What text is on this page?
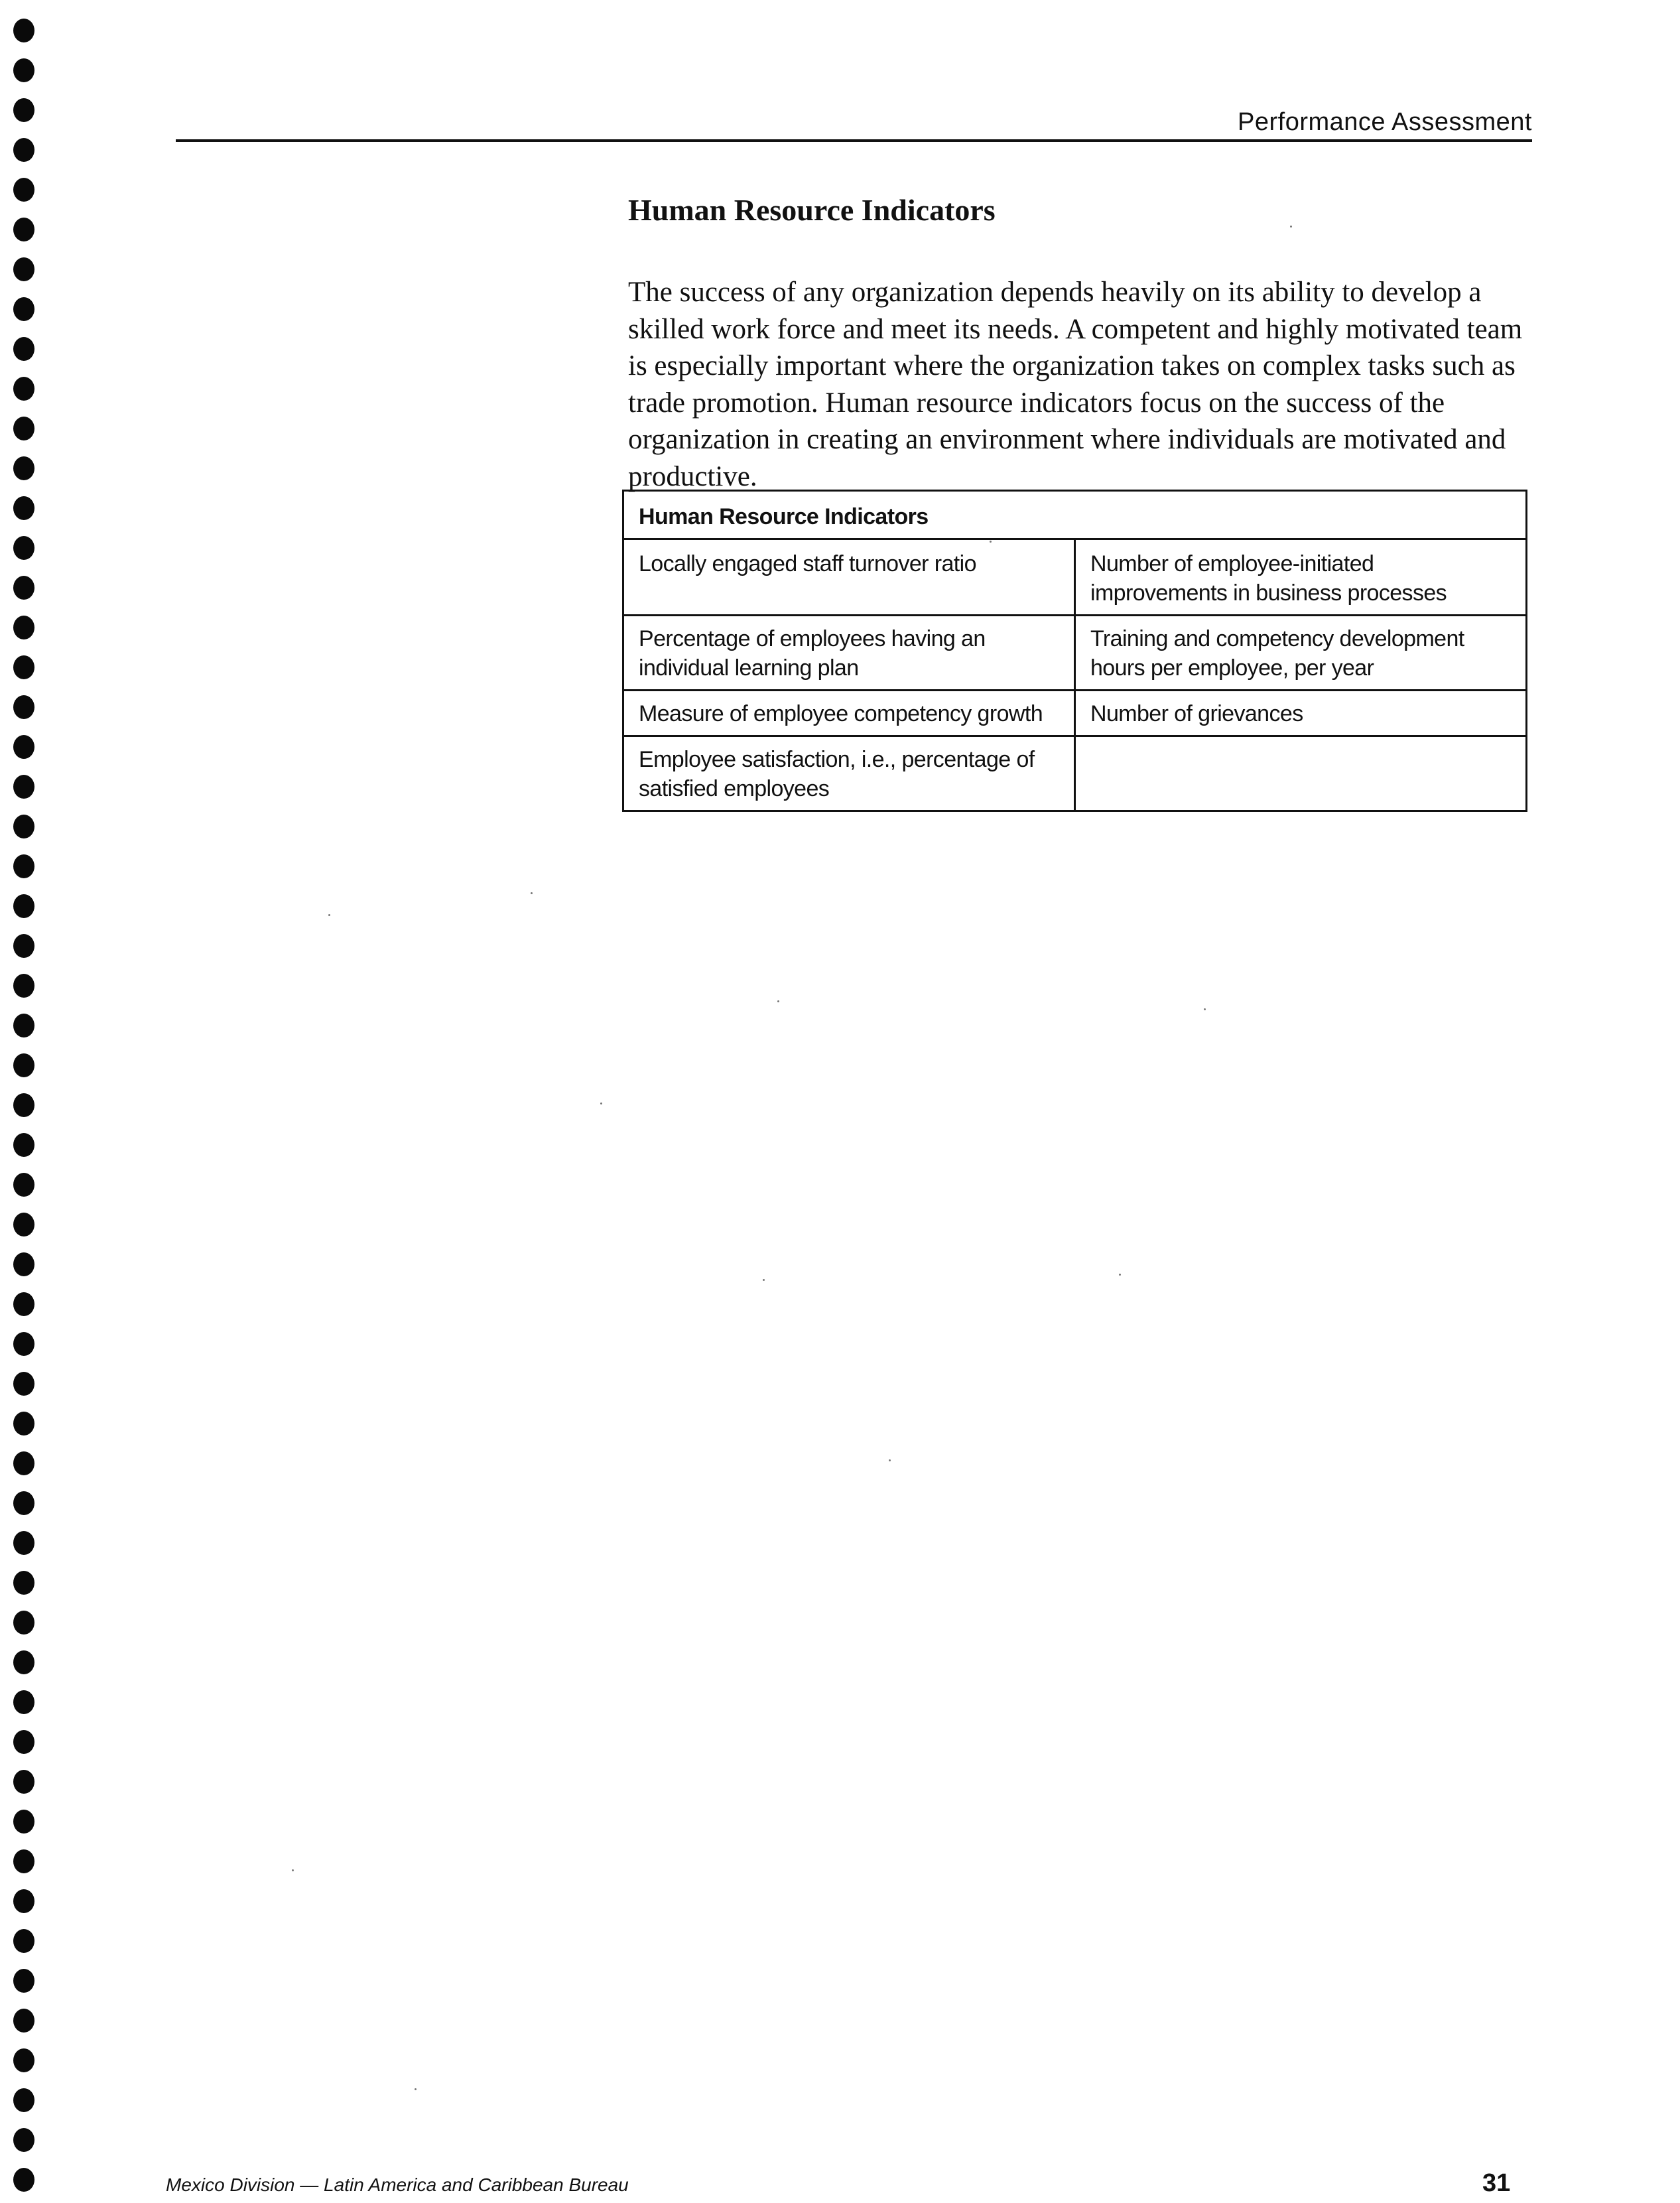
Performance Assessment
Human Resource Indicators

The success of any organization depends heavily on its ability to develop a skilled work force and meet its needs. A competent and highly motivated team is especially important where the organization takes on complex tasks such as trade promotion. Human resource indicators focus on the success of the organization in creating an environment where individuals are motivated and productive.

Human Resource Indicators	
Locally engaged staff turnover ratio	Number of employee-initiated improvements in business processes
Percentage of employees having an individual learning plan	Training and competency development hours per employee, per year
Measure of employee competency growth	Number of grievances
Employee satisfaction, i.e., percentage of satisfied employees	
Mexico Division — Latin America and Caribbean Bureau	31
